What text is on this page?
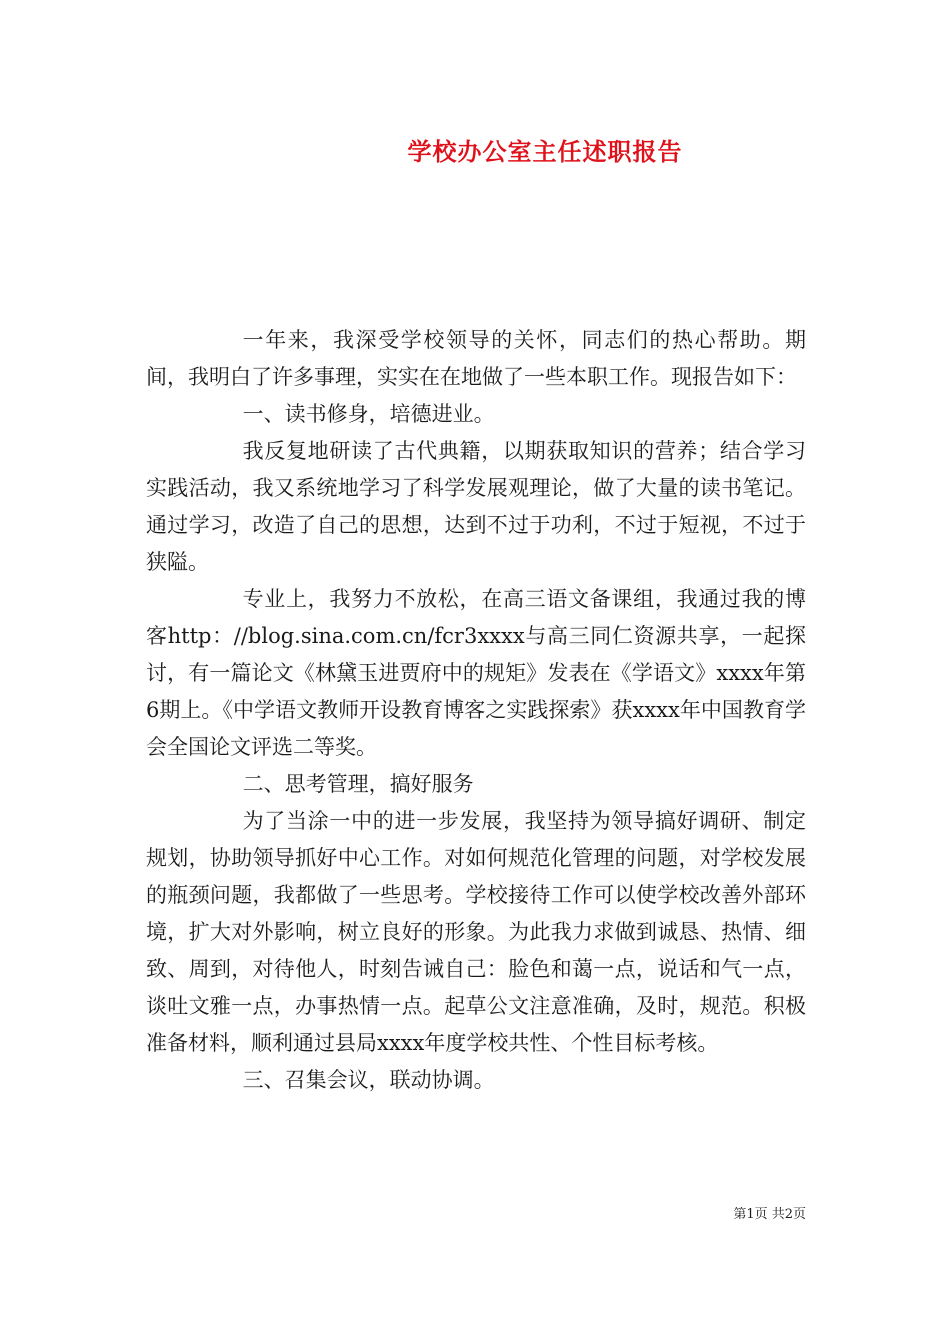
学校办公室主任述职报告

一年来，我深受学校领导的关怀，同志们的热心帮助。期间，我明白了许多事理，实实在在地做了一些本职工作。现报告如下：

一、读书修身，培德进业。

我反复地研读了古代典籍，以期获取知识的营养；结合学习实践活动，我又系统地学习了科学发展观理论，做了大量的读书笔记。通过学习，改造了自己的思想，达到不过于功利，不过于短视，不过于狭隘。

专业上，我努力不放松，在高三语文备课组，我通过我的博客http：//blog.sina.com.cn/fcr3xxxx与高三同仁资源共享，一起探讨，有一篇论文《林黛玉进贾府中的规矩》发表在《学语文》xxxx年第6期上。《中学语文教师开设教育博客之实践探索》获xxxx年中国教育学会全国论文评选二等奖。

二、思考管理，搞好服务

为了当涂一中的进一步发展，我坚持为领导搞好调研、制定规划，协助领导抓好中心工作。对如何规范化管理的问题，对学校发展的瓶颈问题，我都做了一些思考。学校接待工作可以使学校改善外部环境，扩大对外影响，树立良好的形象。为此我力求做到诚恳、热情、细致、周到，对待他人，时刻告诫自己：脸色和蔼一点，说话和气一点，谈吐文雅一点，办事热情一点。起草公文注意准确，及时，规范。积极准备材料，顺利通过县局xxxx年度学校共性、个性目标考核。

三、召集会议，联动协调。

第1页 共2页
